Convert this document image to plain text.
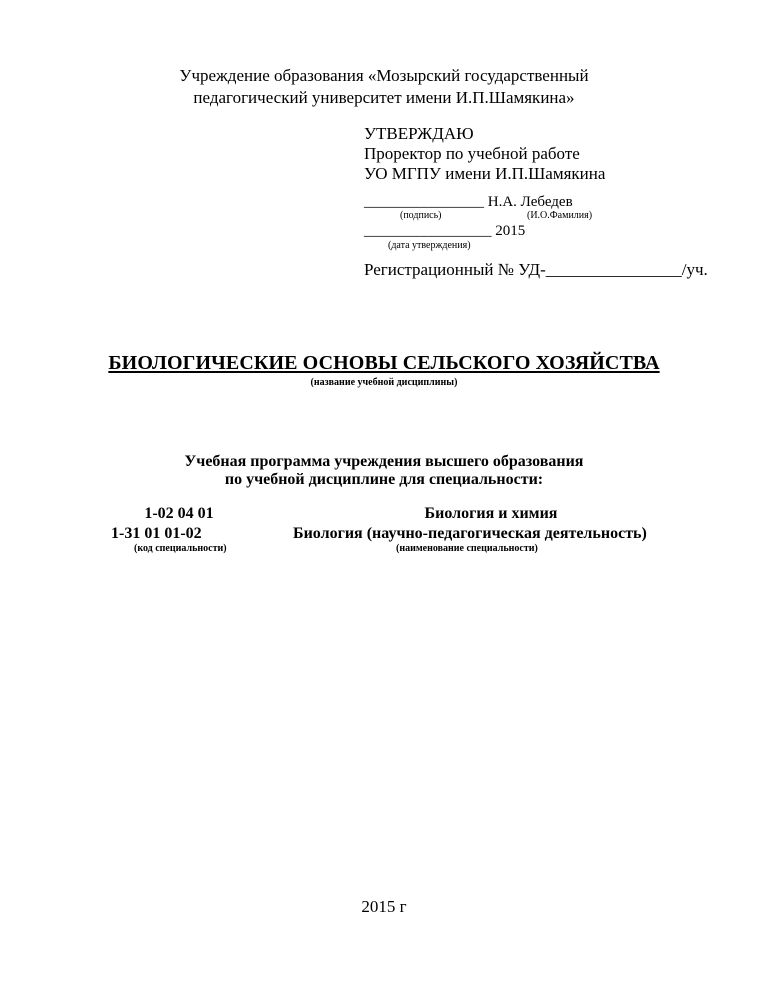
Учреждение образования «Мозырский государственный
педагогический университет имени И.П.Шамякина»
УТВЕРЖДАЮ
Проректор по учебной работе
УО МГПУ имени И.П.Шамякина
________________ Н.А. Лебедев
(подпись)	(И.О.Фамилия)
_________________ 2015
(дата утверждения)
Регистрационный № УД-________________/уч.
БИОЛОГИЧЕСКИЕ ОСНОВЫ СЕЛЬСКОГО ХОЗЯЙСТВА
(название учебной дисциплины)
Учебная программа учреждения высшего образования
по учебной дисциплине для специальности:
1-02 04 01	Биология и химия
1-31 01 01-02	Биология (научно-педагогическая деятельность)
(код специальности)	(наименование специальности)
2015 г
